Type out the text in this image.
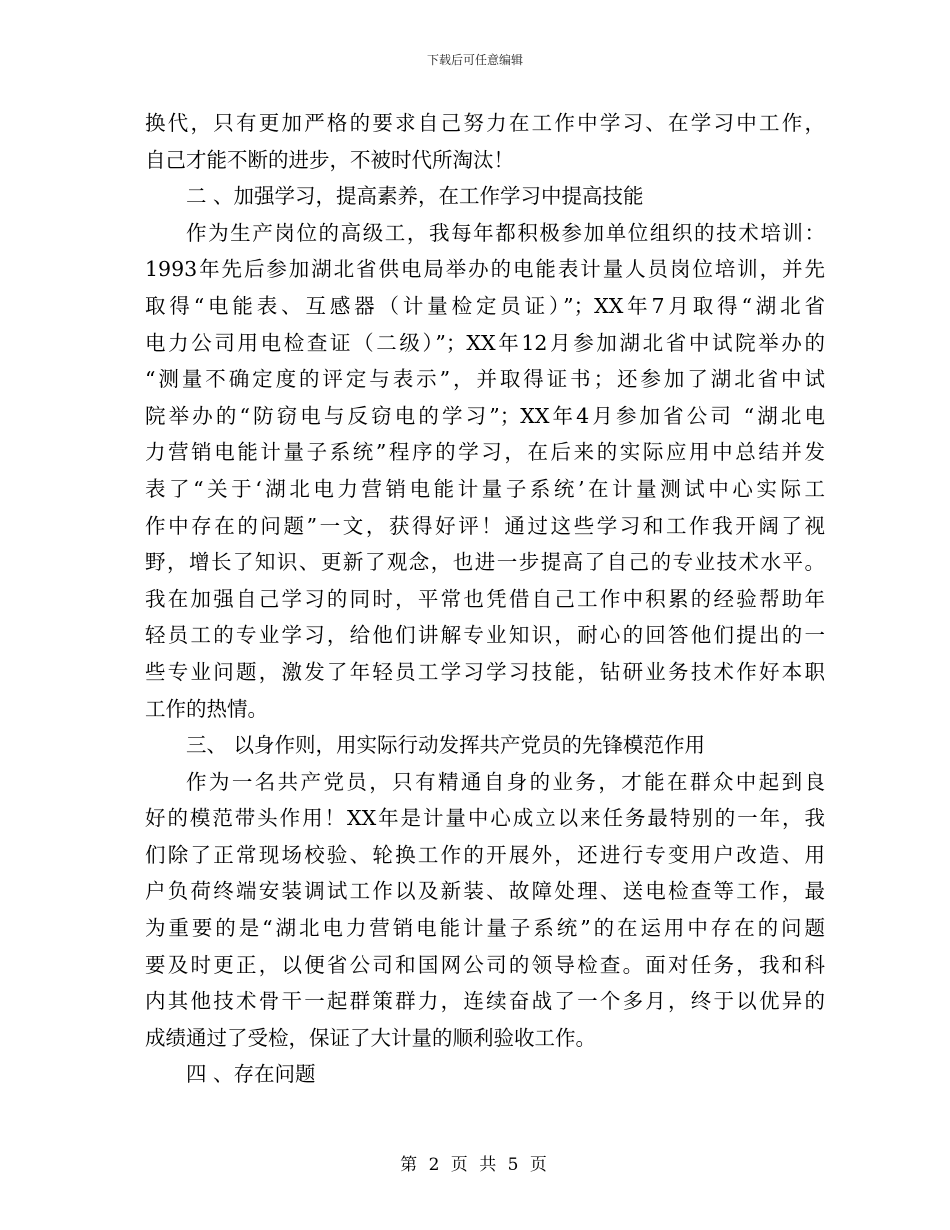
下载后可任意编辑
换代，只有更加严格的要求自己努力在工作中学习、在学习中工作，
自己才能不断的进步，不被时代所淘汰！
二 、加强学习，提高素养，在工作学习中提高技能
作为生产岗位的高级工，我每年都积极参加单位组织的技术培训：
1993年先后参加湖北省供电局举办的电能表计量人员岗位培训，并先
取得“电能表、互感器（计量检定员证）”；XX年7月取得“湖北省
电力公司用电检查证（二级）”；XX年12月参加湖北省中试院举办的
“测量不确定度的评定与表示”，并取得证书；还参加了湖北省中试
院举办的“防窃电与反窃电的学习”；XX年4月参加省公司 “湖北电
力营销电能计量子系统”程序的学习，在后来的实际应用中总结并发
表了“关于‘湖北电力营销电能计量子系统’在计量测试中心实际工
作中存在的问题”一文，获得好评！通过这些学习和工作我开阔了视
野，增长了知识、更新了观念，也进一步提高了自己的专业技术水平。
我在加强自己学习的同时，平常也凭借自己工作中积累的经验帮助年
轻员工的专业学习，给他们讲解专业知识，耐心的回答他们提出的一
些专业问题，激发了年轻员工学习学习技能，钻研业务技术作好本职
工作的热情。
三、 以身作则，用实际行动发挥共产党员的先锋模范作用
作为一名共产党员，只有精通自身的业务，才能在群众中起到良
好的模范带头作用！XX年是计量中心成立以来任务最特别的一年，我
们除了正常现场校验、轮换工作的开展外，还进行专变用户改造、用
户负荷终端安装调试工作以及新装、故障处理、送电检查等工作，最
为重要的是“湖北电力营销电能计量子系统”的在运用中存在的问题
要及时更正，以便省公司和国网公司的领导检查。面对任务，我和科
内其他技术骨干一起群策群力，连续奋战了一个多月，终于以优异的
成绩通过了受检，保证了大计量的顺利验收工作。
四 、存在问题
第 2 页 共 5 页
